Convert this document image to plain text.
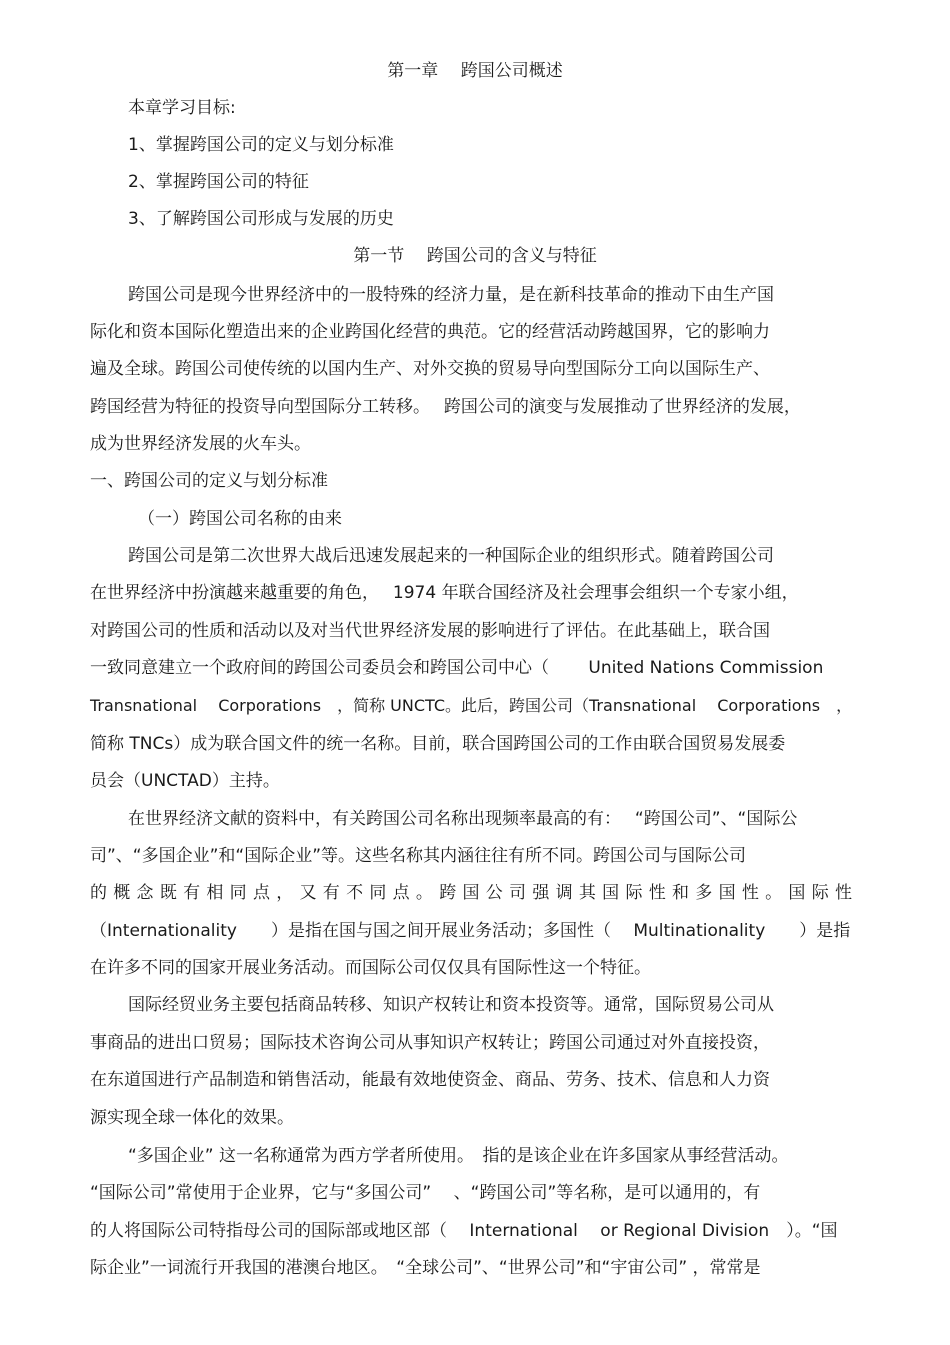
第一章　 跨国公司概述
本章学习目标:
1、掌握跨国公司的定义与划分标准
2、掌握跨国公司的特征
3、了解跨国公司形成与发展的历史
第一节　 跨国公司的含义与特征
跨国公司是现今世界经济中的一股特殊的经济力量，是在新科技革命的推动下由生产国
际化和资本国际化塑造出来的企业跨国化经营的典范。它的经营活动跨越国界，它的影响力
遍及全球。跨国公司使传统的以国内生产、对外交换的贸易导向型国际分工向以国际生产、
跨国经营为特征的投资导向型国际分工转移。　 跨国公司的演变与发展推动了世界经济的发展，
成为世界经济发展的火车头。
一、跨国公司的定义与划分标准
（一）跨国公司名称的由来
跨国公司是第二次世界大战后迅速发展起来的一种国际企业的组织形式。随着跨国公司
在世界经济中扮演越来越重要的角色，　 1974 年联合国经济及社会理事会组织一个专家小组，
对跨国公司的性质和活动以及对当代世界经济发展的影响进行了评估。在此基础上，联合国
一致同意建立一个政府间的跨国公司委员会和跨国公司中心（　　 United Nations Commission
Transnational　 Corporations　，简称 UNCTC。此后，跨国公司（Transnational　 Corporations　，
简称 TNCs）成为联合国文件的统一名称。目前，联合国跨国公司的工作由联合国贸易发展委
员会（UNCTAD）主持。
在世界经济文献的资料中，有关跨国公司名称出现频率最高的有：　 “跨国公司”、“国际公
司”、“多国企业”和“国际企业”等。这些名称其内涵往往有所不同。跨国公司与国际公司
的概念既有相同点，又有不同点。跨国公司强调其国际性和多国性。国际性
（Internationality　　）是指在国与国之间开展业务活动；多国性（　 Multinationality　　）是指
在许多不同的国家开展业务活动。而国际公司仅仅具有国际性这一个特征。
国际经贸业务主要包括商品转移、知识产权转让和资本投资等。通常，国际贸易公司从
事商品的进出口贸易；国际技术咨询公司从事知识产权转让；跨国公司通过对外直接投资，
在东道国进行产品制造和销售活动，能最有效地使资金、商品、劳务、技术、信息和人力资
源实现全球一体化的效果。
“多国企业” 这一名称通常为西方学者所使用。　指的是该企业在许多国家从事经营活动。
“国际公司”常使用于企业界，它与“多国公司”　 、“跨国公司”等名称，是可以通用的，有
的人将国际公司特指母公司的国际部或地区部（　 International　 or Regional Division　）。“国
际企业”一词流行开我国的港澳台地区。　“全球公司”、“世界公司”和“宇宙公司” ，常常是
